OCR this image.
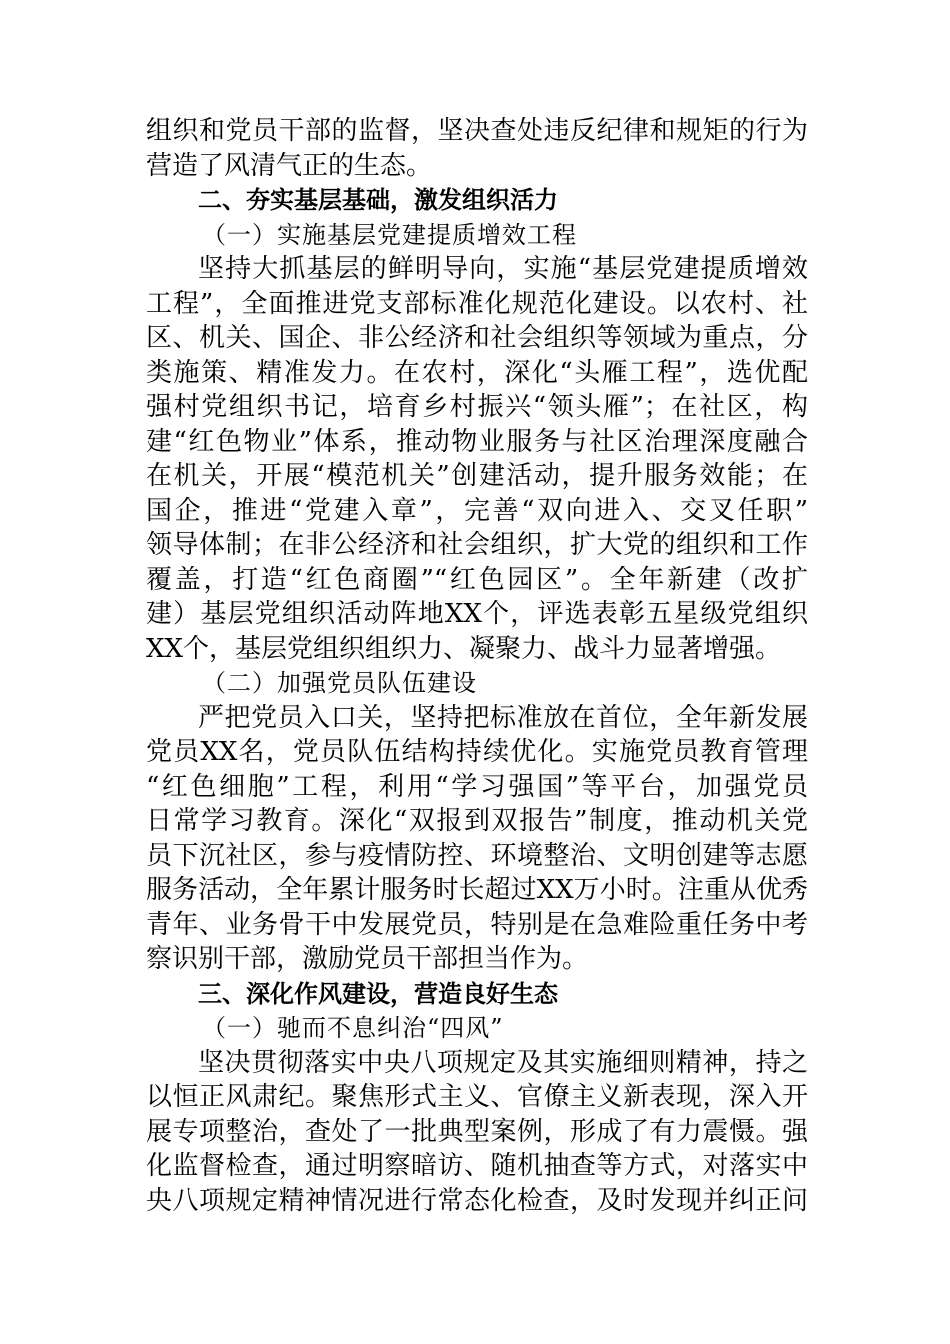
组织和党员干部的监督，坚决查处违反纪律和规矩的行为
营造了风清气正的生态。
二、夯实基层基础，激发组织活力
（一）实施基层党建提质增效工程
坚持大抓基层的鲜明导向，实施“基层党建提质增效
工程”，全面推进党支部标准化规范化建设。以农村、社
区、机关、国企、非公经济和社会组织等领域为重点，分
类施策、精准发力。在农村，深化“头雁工程”，选优配
强村党组织书记，培育乡村振兴“领头雁”；在社区，构
建“红色物业”体系，推动物业服务与社区治理深度融合
在机关，开展“模范机关”创建活动，提升服务效能；在
国企，推进“党建入章”，完善“双向进入、交叉任职”
领导体制；在非公经济和社会组织，扩大党的组织和工作
覆盖，打造“红色商圈”“红色园区”。全年新建（改扩
建）基层党组织活动阵地XX个，评选表彰五星级党组织
XX个，基层党组织组织力、凝聚力、战斗力显著增强。
（二）加强党员队伍建设
严把党员入口关，坚持把标准放在首位，全年新发展
党员XX名，党员队伍结构持续优化。实施党员教育管理
“红色细胞”工程，利用“学习强国”等平台，加强党员
日常学习教育。深化“双报到双报告”制度，推动机关党
员下沉社区，参与疫情防控、环境整治、文明创建等志愿
服务活动，全年累计服务时长超过XX万小时。注重从优秀
青年、业务骨干中发展党员，特别是在急难险重任务中考
察识别干部，激励党员干部担当作为。
三、深化作风建设，营造良好生态
（一）驰而不息纠治“四风”
坚决贯彻落实中央八项规定及其实施细则精神，持之
以恒正风肃纪。聚焦形式主义、官僚主义新表现，深入开
展专项整治，查处了一批典型案例，形成了有力震慑。强
化监督检查，通过明察暗访、随机抽查等方式，对落实中
央八项规定精神情况进行常态化检查，及时发现并纠正问
